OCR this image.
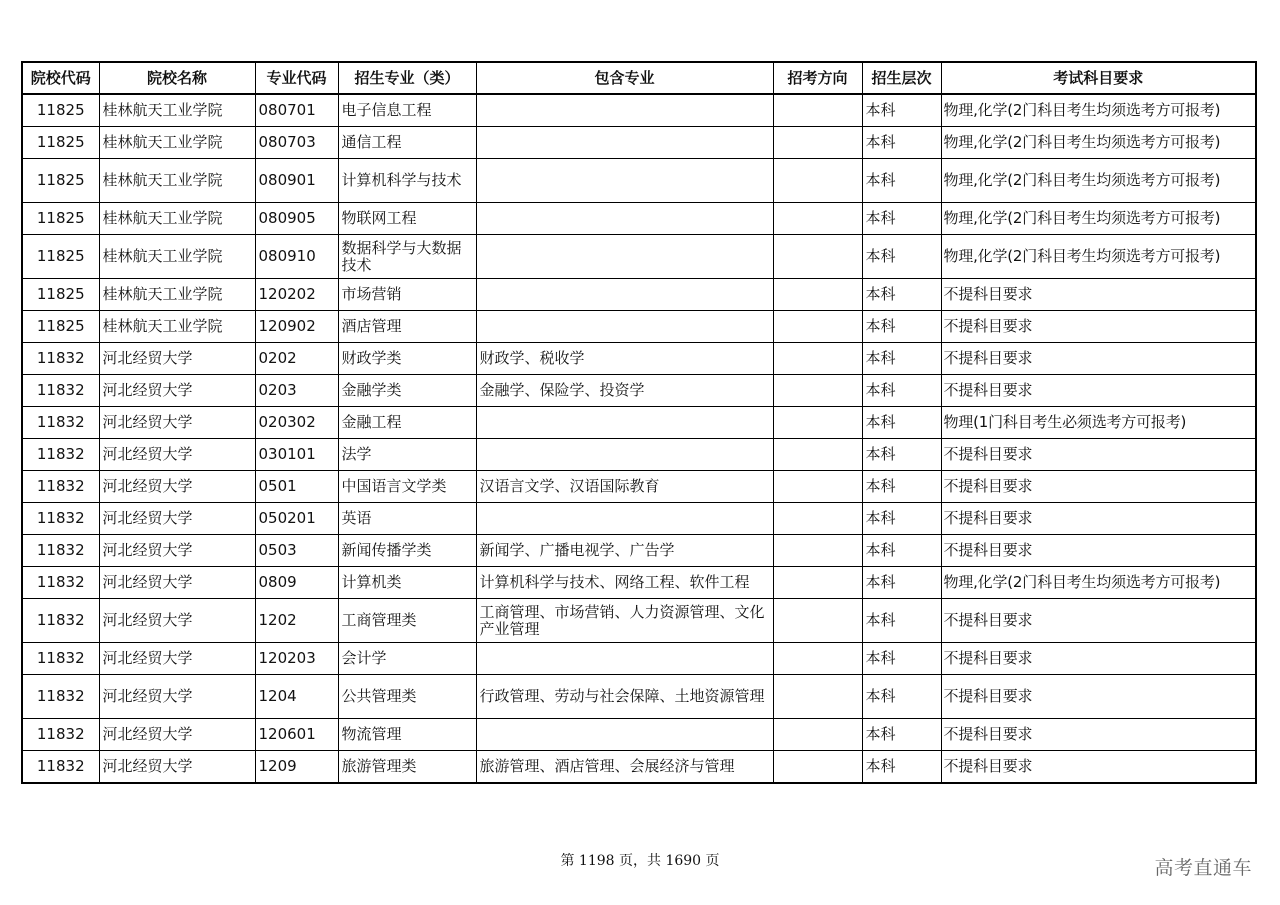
院校代码	院校名称	专业代码	招生专业（类）	包含专业	招考方向	招生层次	考试科目要求
11825	桂林航天工业学院	080701	电子信息工程			本科	物理,化学(2门科目考生均须选考方可报考)
11825	桂林航天工业学院	080703	通信工程			本科	物理,化学(2门科目考生均须选考方可报考)
11825	桂林航天工业学院	080901	计算机科学与技术			本科	物理,化学(2门科目考生均须选考方可报考)
11825	桂林航天工业学院	080905	物联网工程			本科	物理,化学(2门科目考生均须选考方可报考)
11825	桂林航天工业学院	080910	数据科学与大数据技术			本科	物理,化学(2门科目考生均须选考方可报考)
11825	桂林航天工业学院	120202	市场营销			本科	不提科目要求
11825	桂林航天工业学院	120902	酒店管理			本科	不提科目要求
11832	河北经贸大学	0202	财政学类	财政学、税收学		本科	不提科目要求
11832	河北经贸大学	0203	金融学类	金融学、保险学、投资学		本科	不提科目要求
11832	河北经贸大学	020302	金融工程			本科	物理(1门科目考生必须选考方可报考)
11832	河北经贸大学	030101	法学			本科	不提科目要求
11832	河北经贸大学	0501	中国语言文学类	汉语言文学、汉语国际教育		本科	不提科目要求
11832	河北经贸大学	050201	英语			本科	不提科目要求
11832	河北经贸大学	0503	新闻传播学类	新闻学、广播电视学、广告学		本科	不提科目要求
11832	河北经贸大学	0809	计算机类	计算机科学与技术、网络工程、软件工程		本科	物理,化学(2门科目考生均须选考方可报考)
11832	河北经贸大学	1202	工商管理类	工商管理、市场营销、人力资源管理、文化产业管理		本科	不提科目要求
11832	河北经贸大学	120203	会计学			本科	不提科目要求
11832	河北经贸大学	1204	公共管理类	行政管理、劳动与社会保障、土地资源管理		本科	不提科目要求
11832	河北经贸大学	120601	物流管理			本科	不提科目要求
11832	河北经贸大学	1209	旅游管理类	旅游管理、酒店管理、会展经济与管理		本科	不提科目要求
第 1198 页，共 1690 页	高考直通车
